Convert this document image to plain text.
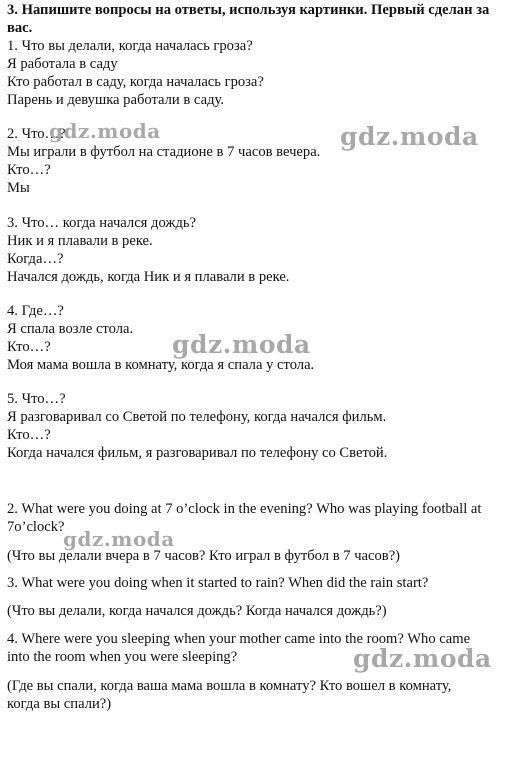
3. Напишите вопросы на ответы, используя картинки. Первый сделан за
вас.
1. Что вы делали, когда началась гроза?
Я работала в саду
Кто работал в саду, когда началась гроза?
Парень и девушка работали в саду.
2. Что…?
Мы играли в футбол на стадионе в 7 часов вечера.
Кто…?
Мы
3. Что… когда начался дождь?
Ник и я плавали в реке.
Когда…?
Начался дождь, когда Ник и я плавали в реке.
4. Где…?
Я спала возле стола.
Кто…?
Моя мама вошла в комнату, когда я спала у стола.
5. Что…?
Я разговаривал со Светой по телефону, когда начался фильм.
Кто…?
Когда начался фильм, я разговаривал по телефону со Светой.
2. What were you doing at 7 o’clock in the evening? Who was playing football at
7o’clock?
(Что вы делали вчера в 7 часов? Кто играл в футбол в 7 часов?)
3. What were you doing when it started to rain? When did the rain start?
(Что вы делали, когда начался дождь? Когда начался дождь?)
4. Where were you sleeping when your mother came into the room? Who came
into the room when you were sleeping?
(Где вы спали, когда ваша мама вошла в комнату? Кто вошел в комнату,
когда вы спали?)
gdz.moda	gdz.moda
gdz.moda
gdz.moda
gdz.moda
